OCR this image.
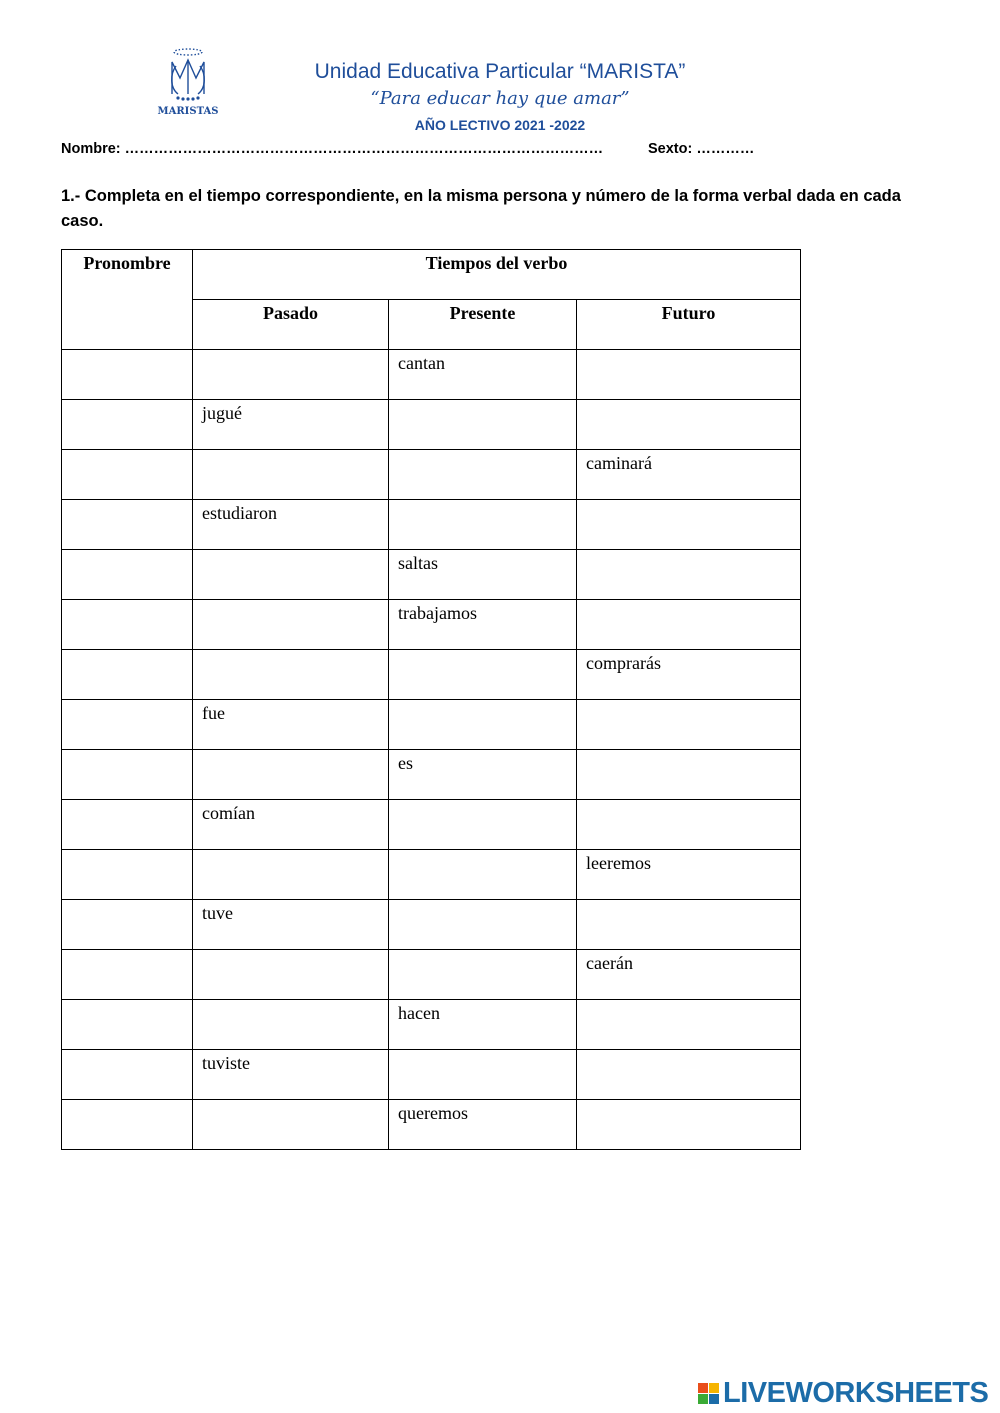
MARISTAS
Unidad Educativa Particular “MARISTA”
“Para educar hay que amar”
AÑO LECTIVO 2021 -2022
Nombre: ………………………………………………………………………………………	Sexto: …………
1.- Completa en el tiempo correspondiente, en la misma persona y número de la forma verbal dada en cada caso.
Pronombre	Tiempos del verbo		
	Pasado	Presente	Futuro
		cantan	
	jugué		
			caminará
	estudiaron		
		saltas	
		trabajamos	
			comprarás
	fue		
		es	
	comían		
			leeremos
	tuve		
			caerán
		hacen	
	tuviste		
		queremos	
LIVEWORKSHEETS
